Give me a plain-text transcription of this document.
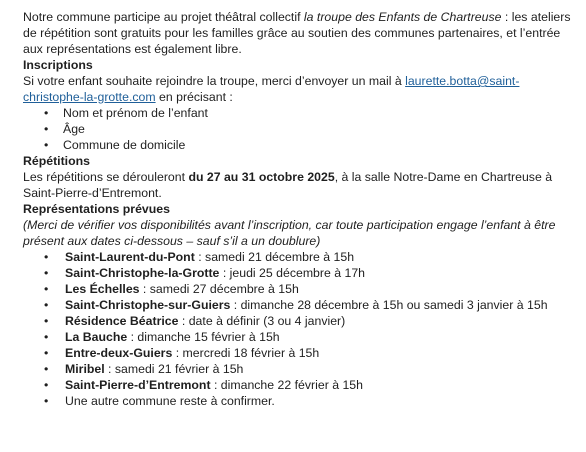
Notre commune participe au projet théâtral collectif la troupe des Enfants de Chartreuse : les ateliers de répétition sont gratuits pour les familles grâce au soutien des communes partenaires, et l’entrée aux représentations est également libre.

Inscriptions

Si votre enfant souhaite rejoindre la troupe, merci d’envoyer un mail à laurette.botta@saint-christophe-la-grotte.com en précisant :

• Nom et prénom de l’enfant
• Âge
• Commune de domicile

Répétitions

Les répétitions se dérouleront du 27 au 31 octobre 2025, à la salle Notre-Dame en Chartreuse à Saint-Pierre-d’Entremont.

Représentations prévues

(Merci de vérifier vos disponibilités avant l’inscription, car toute participation engage l’enfant à être présent aux dates ci-dessous – sauf s’il a un doublure)

• Saint-Laurent-du-Pont : samedi 21 décembre à 15h
• Saint-Christophe-la-Grotte : jeudi 25 décembre à 17h
• Les Échelles : samedi 27 décembre à 15h
• Saint-Christophe-sur-Guiers : dimanche 28 décembre à 15h ou samedi 3 janvier à 15h
• Résidence Béatrice : date à définir (3 ou 4 janvier)
• La Bauche : dimanche 15 février à 15h
• Entre-deux-Guiers : mercredi 18 février à 15h
• Miribel : samedi 21 février à 15h
• Saint-Pierre-d’Entremont : dimanche 22 février à 15h
• Une autre commune reste à confirmer.
